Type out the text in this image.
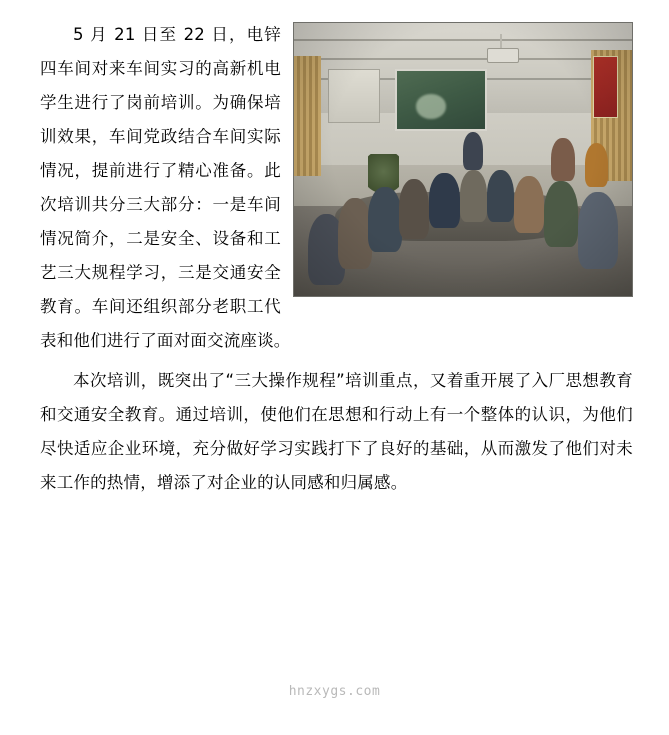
5 月 21 日至 22 日，电锌四车间对来车间实习的高新机电学生进行了岗前培训。为确保培训效果，车间党政结合车间实际情况，提前进行了精心准备。此次培训共分三大部分：一是车间情况简介，二是安全、设备和工艺三大规程学习，三是交通安全教育。车间还组织部分老职工代表和他们进行了面对面交流座谈。

本次培训，既突出了“三大操作规程”培训重点，又着重开展了入厂思想教育和交通安全教育。通过培训，使他们在思想和行动上有一个整体的认识，为他们尽快适应企业环境，充分做好学习实践打下了良好的基础，从而激发了他们对未来工作的热情，增添了对企业的认同感和归属感。

hnzxygs.com
